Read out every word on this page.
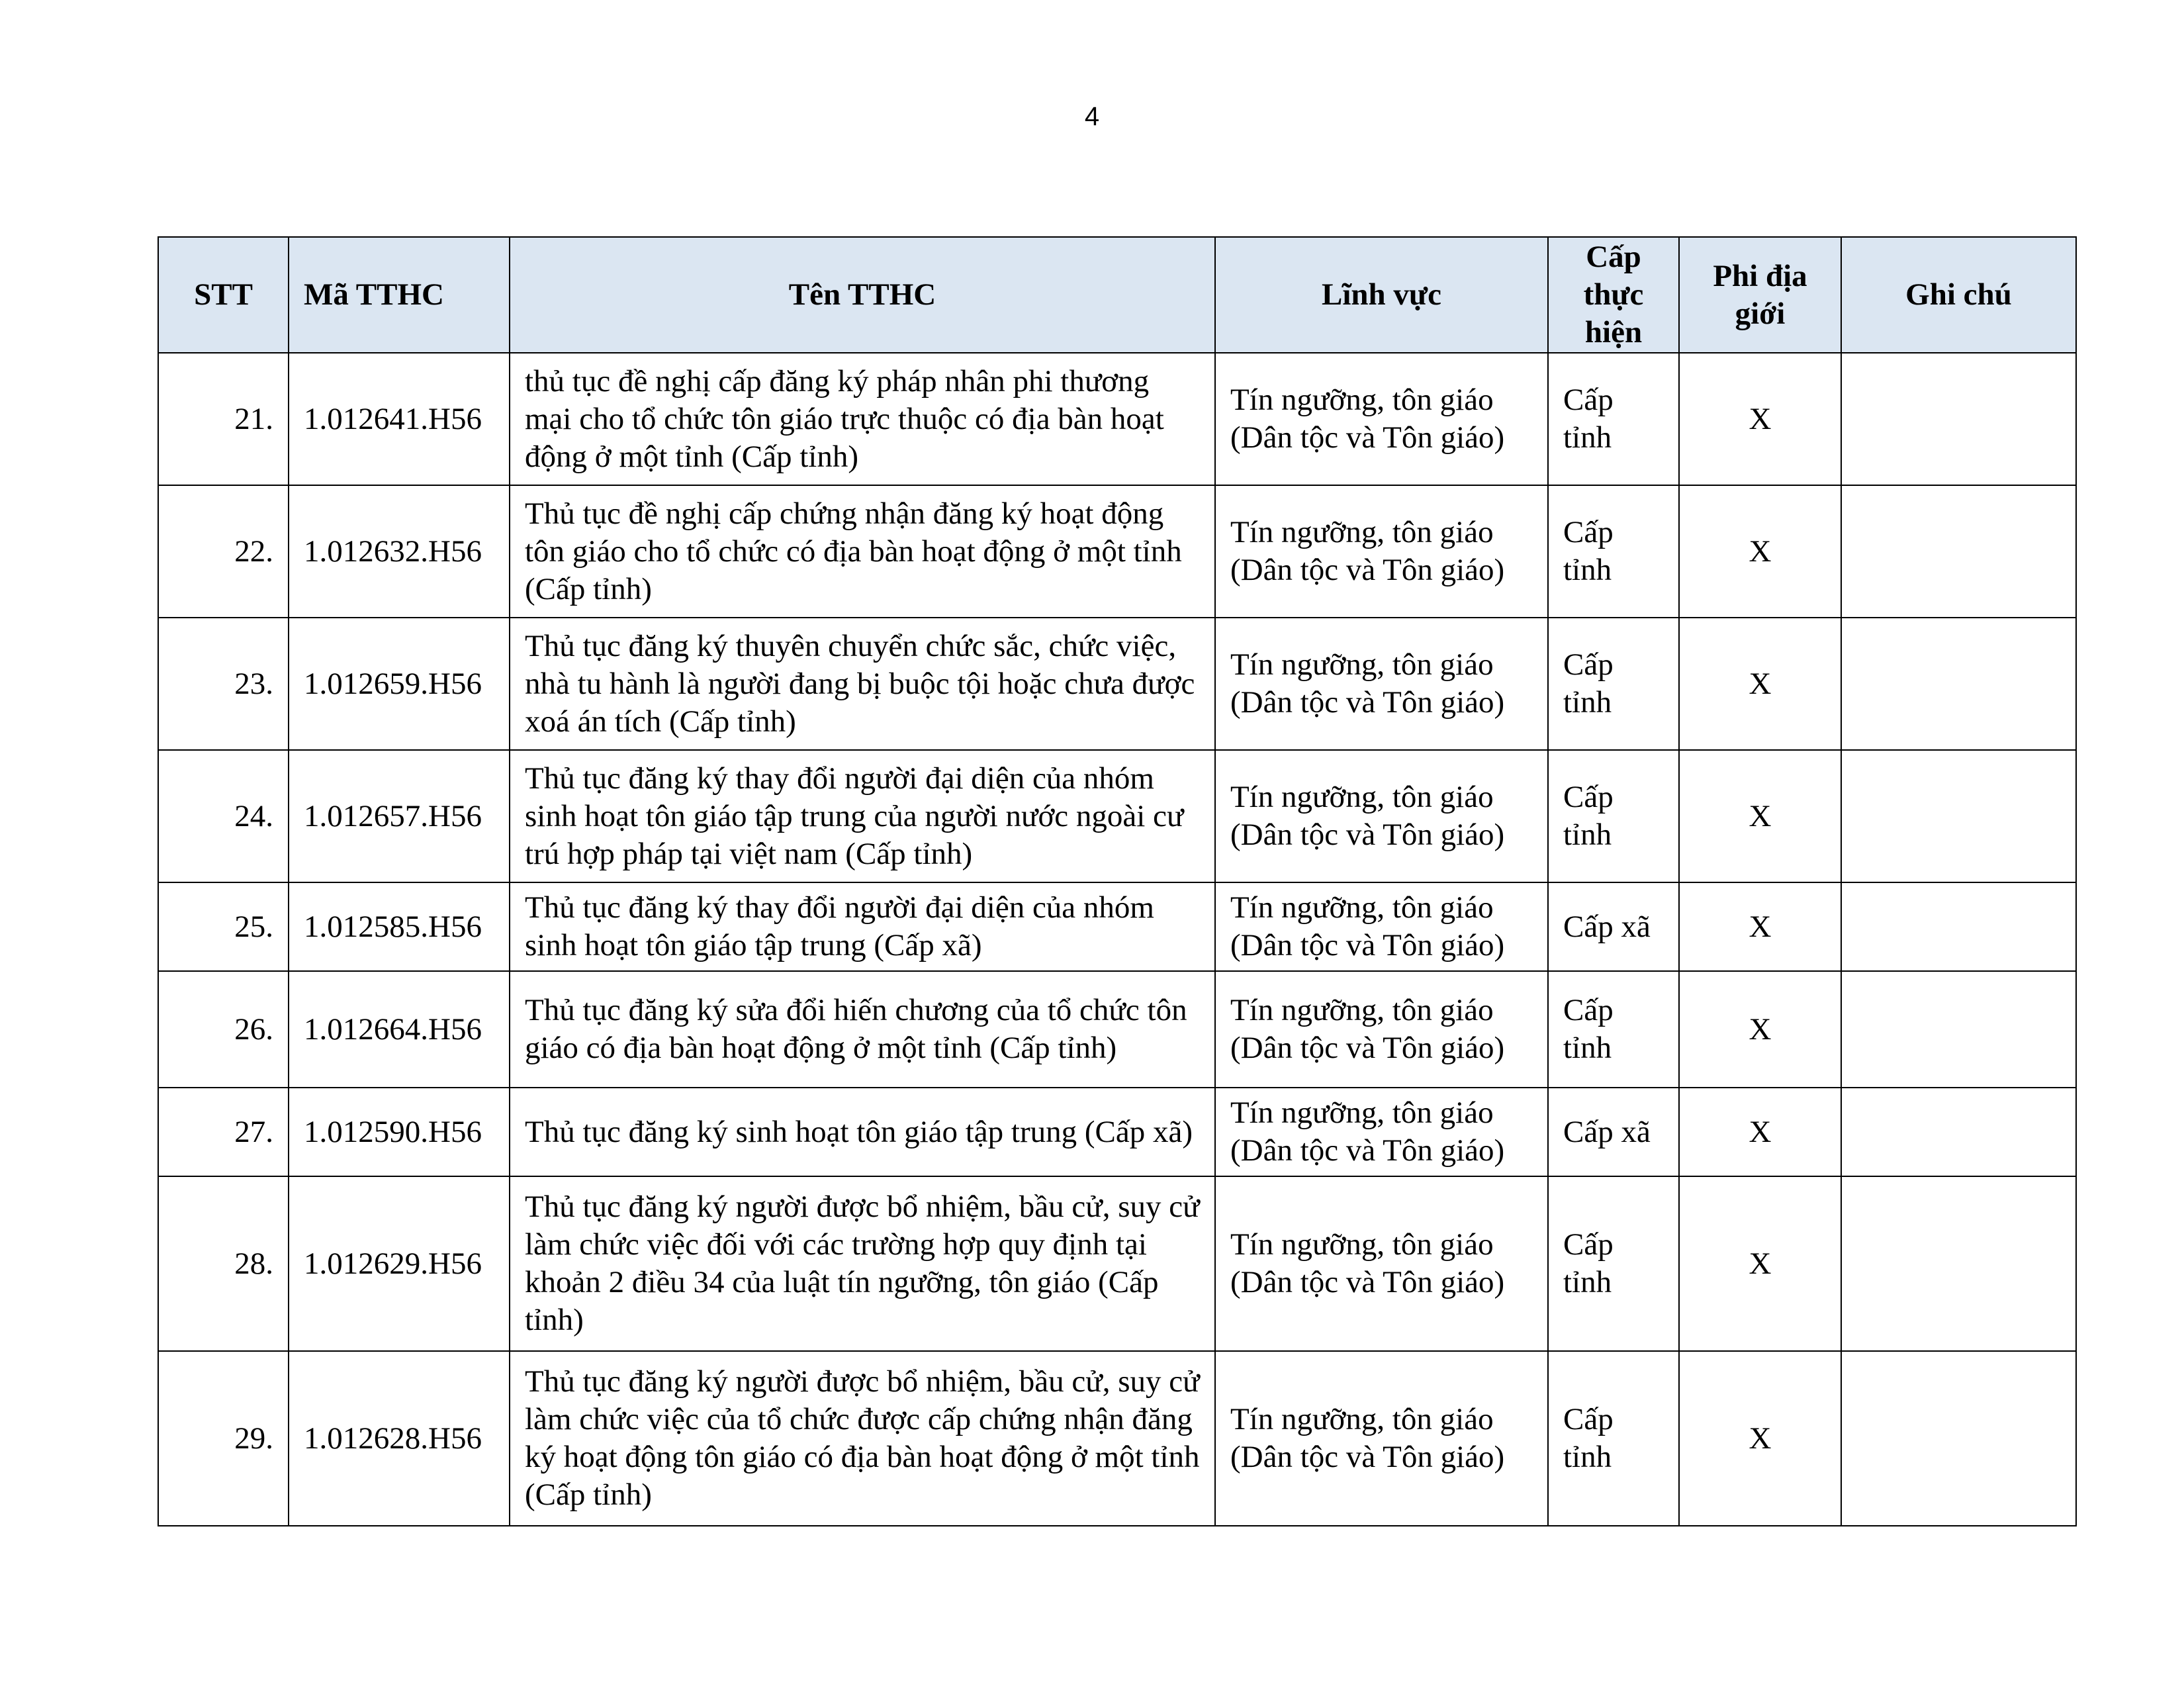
4
STT	Mã TTHC	Tên TTHC	Lĩnh vực	Cấp thực hiện	Phi địa giới	Ghi chú
21.	1.012641.H56	thủ tục đề nghị cấp đăng ký pháp nhân phi thương mại cho tổ chức tôn giáo trực thuộc có địa bàn hoạt động ở một tỉnh (Cấp tỉnh)	Tín ngưỡng, tôn giáo (Dân tộc và Tôn giáo)	Cấp tỉnh	X	
22.	1.012632.H56	Thủ tục đề nghị cấp chứng nhận đăng ký hoạt động tôn giáo cho tổ chức có địa bàn hoạt động ở một tỉnh (Cấp tỉnh)	Tín ngưỡng, tôn giáo (Dân tộc và Tôn giáo)	Cấp tỉnh	X	
23.	1.012659.H56	Thủ tục đăng ký thuyên chuyển chức sắc, chức việc, nhà tu hành là người đang bị buộc tội hoặc chưa được xoá án tích (Cấp tỉnh)	Tín ngưỡng, tôn giáo (Dân tộc và Tôn giáo)	Cấp tỉnh	X	
24.	1.012657.H56	Thủ tục đăng ký thay đổi người đại diện của nhóm sinh hoạt tôn giáo tập trung của người nước ngoài cư trú hợp pháp tại việt nam (Cấp tỉnh)	Tín ngưỡng, tôn giáo (Dân tộc và Tôn giáo)	Cấp tỉnh	X	
25.	1.012585.H56	Thủ tục đăng ký thay đổi người đại diện của nhóm sinh hoạt tôn giáo tập trung (Cấp xã)	Tín ngưỡng, tôn giáo (Dân tộc và Tôn giáo)	Cấp xã	X	
26.	1.012664.H56	Thủ tục đăng ký sửa đổi hiến chương của tổ chức tôn giáo có địa bàn hoạt động ở một tỉnh (Cấp tỉnh)	Tín ngưỡng, tôn giáo (Dân tộc và Tôn giáo)	Cấp tỉnh	X	
27.	1.012590.H56	Thủ tục đăng ký sinh hoạt tôn giáo tập trung (Cấp xã)	Tín ngưỡng, tôn giáo (Dân tộc và Tôn giáo)	Cấp xã	X	
28.	1.012629.H56	Thủ tục đăng ký người được bổ nhiệm, bầu cử, suy cử làm chức việc đối với các trường hợp quy định tại khoản 2 điều 34 của luật tín ngưỡng, tôn giáo (Cấp tỉnh)	Tín ngưỡng, tôn giáo (Dân tộc và Tôn giáo)	Cấp tỉnh	X	
29.	1.012628.H56	Thủ tục đăng ký người được bổ nhiệm, bầu cử, suy cử làm chức việc của tổ chức được cấp chứng nhận đăng ký hoạt động tôn giáo có địa bàn hoạt động ở một tỉnh (Cấp tỉnh)	Tín ngưỡng, tôn giáo (Dân tộc và Tôn giáo)	Cấp tỉnh	X	
